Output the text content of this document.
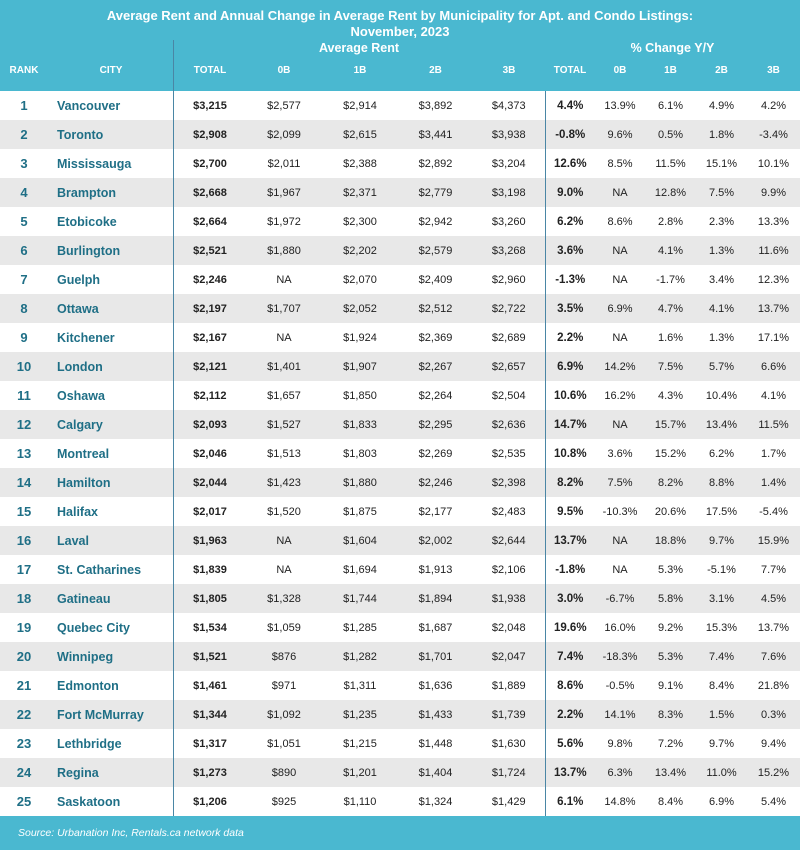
Average Rent and Annual Change in Average Rent by Municipality for Apt. and Condo Listings:
November, 2023
Average Rent	% Change Y/Y
RANK	CITY	TOTAL	0B	1B	2B	3B	TOTAL	0B	1B	2B	3B
1	Vancouver	$3,215	$2,577	$2,914	$3,892	$4,373	4.4%	13.9%	6.1%	4.9%	4.2%
2	Toronto	$2,908	$2,099	$2,615	$3,441	$3,938	-0.8%	9.6%	0.5%	1.8%	-3.4%
3	Mississauga	$2,700	$2,011	$2,388	$2,892	$3,204	12.6%	8.5%	11.5%	15.1%	10.1%
4	Brampton	$2,668	$1,967	$2,371	$2,779	$3,198	9.0%	NA	12.8%	7.5%	9.9%
5	Etobicoke	$2,664	$1,972	$2,300	$2,942	$3,260	6.2%	8.6%	2.8%	2.3%	13.3%
6	Burlington	$2,521	$1,880	$2,202	$2,579	$3,268	3.6%	NA	4.1%	1.3%	11.6%
7	Guelph	$2,246	NA	$2,070	$2,409	$2,960	-1.3%	NA	-1.7%	3.4%	12.3%
8	Ottawa	$2,197	$1,707	$2,052	$2,512	$2,722	3.5%	6.9%	4.7%	4.1%	13.7%
9	Kitchener	$2,167	NA	$1,924	$2,369	$2,689	2.2%	NA	1.6%	1.3%	17.1%
10	London	$2,121	$1,401	$1,907	$2,267	$2,657	6.9%	14.2%	7.5%	5.7%	6.6%
11	Oshawa	$2,112	$1,657	$1,850	$2,264	$2,504	10.6%	16.2%	4.3%	10.4%	4.1%
12	Calgary	$2,093	$1,527	$1,833	$2,295	$2,636	14.7%	NA	15.7%	13.4%	11.5%
13	Montreal	$2,046	$1,513	$1,803	$2,269	$2,535	10.8%	3.6%	15.2%	6.2%	1.7%
14	Hamilton	$2,044	$1,423	$1,880	$2,246	$2,398	8.2%	7.5%	8.2%	8.8%	1.4%
15	Halifax	$2,017	$1,520	$1,875	$2,177	$2,483	9.5%	-10.3%	20.6%	17.5%	-5.4%
16	Laval	$1,963	NA	$1,604	$2,002	$2,644	13.7%	NA	18.8%	9.7%	15.9%
17	St. Catharines	$1,839	NA	$1,694	$1,913	$2,106	-1.8%	NA	5.3%	-5.1%	7.7%
18	Gatineau	$1,805	$1,328	$1,744	$1,894	$1,938	3.0%	-6.7%	5.8%	3.1%	4.5%
19	Quebec City	$1,534	$1,059	$1,285	$1,687	$2,048	19.6%	16.0%	9.2%	15.3%	13.7%
20	Winnipeg	$1,521	$876	$1,282	$1,701	$2,047	7.4%	-18.3%	5.3%	7.4%	7.6%
21	Edmonton	$1,461	$971	$1,311	$1,636	$1,889	8.6%	-0.5%	9.1%	8.4%	21.8%
22	Fort McMurray	$1,344	$1,092	$1,235	$1,433	$1,739	2.2%	14.1%	8.3%	1.5%	0.3%
23	Lethbridge	$1,317	$1,051	$1,215	$1,448	$1,630	5.6%	9.8%	7.2%	9.7%	9.4%
24	Regina	$1,273	$890	$1,201	$1,404	$1,724	13.7%	6.3%	13.4%	11.0%	15.2%
25	Saskatoon	$1,206	$925	$1,110	$1,324	$1,429	6.1%	14.8%	8.4%	6.9%	5.4%
Source: Urbanation Inc, Rentals.ca network data
